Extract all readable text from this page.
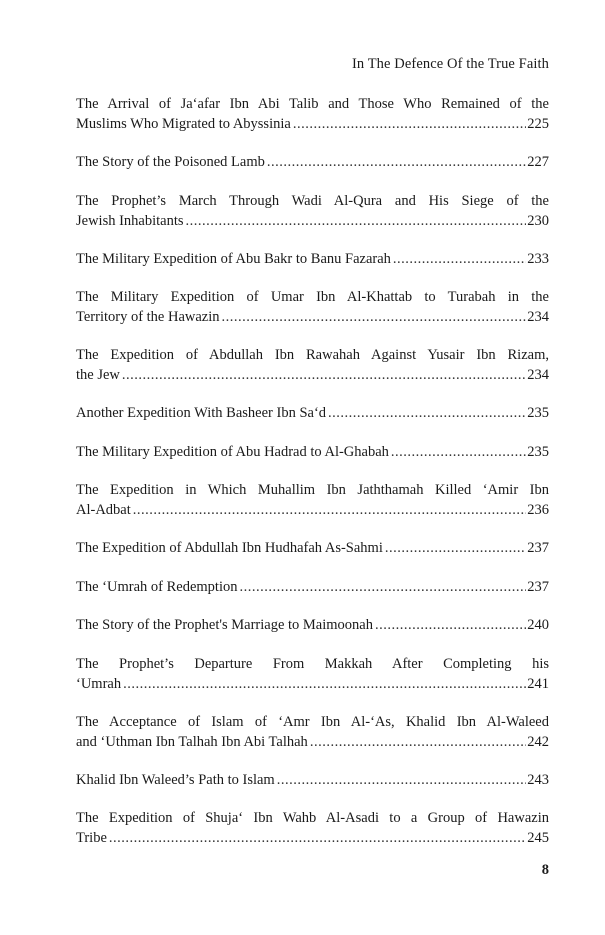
In The Defence Of the True Faith
The Arrival of Ja‘afar Ibn Abi Talib and Those Who Remained of the
Muslims Who Migrated to Abyssinia .....	225
The Story of the Poisoned Lamb .....	227
The Prophet’s March Through Wadi Al-Qura and His Siege of the
Jewish Inhabitants .....	230
The Military Expedition of Abu Bakr to Banu Fazarah .....	233
The Military Expedition of Umar Ibn Al-Khattab to Turabah in the
Territory of the Hawazin .....	234
The Expedition of Abdullah Ibn Rawahah Against Yusair Ibn Rizam,
the Jew .....	234
Another Expedition With Basheer Ibn Sa‘d .....	235
The Military Expedition of Abu Hadrad to Al-Ghabah .....	235
The Expedition in Which Muhallim Ibn Jaththamah Killed ‘Amir Ibn
Al-Adbat .....	236
The Expedition of Abdullah Ibn Hudhafah As-Sahmi .....	237
The ‘Umrah of Redemption .....	237
The Story of the Prophet's Marriage to Maimoonah .....	240
The Prophet’s Departure From Makkah After Completing his
‘Umrah .....	241
The Acceptance of Islam of ‘Amr Ibn Al-‘As, Khalid Ibn Al-Waleed
and ‘Uthman Ibn Talhah Ibn Abi Talhah .....	242
Khalid Ibn Waleed’s Path to Islam .....	243
The Expedition of Shuja‘ Ibn Wahb Al-Asadi to a Group of Hawazin
Tribe .....	245
8
